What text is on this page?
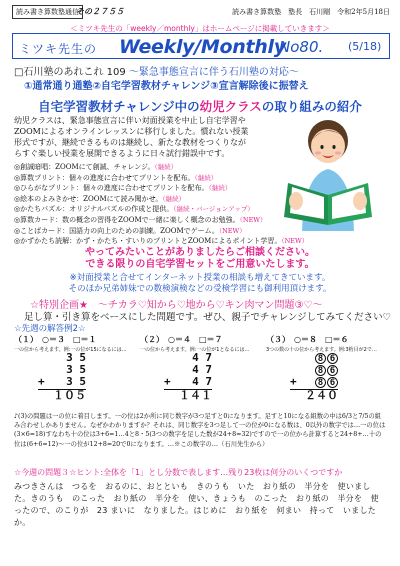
読み書き算数塾通信
その２７５５	読み書き算数塾　塾長　石川剛　令和2年5月18日
＜ミツキ先生の「weekly／monthly」はホームページに掲載していきます＞
ミツキ先生の Weekly/Monthly
No80. (5/18)
□石川塾のあれこれ 109 ～緊急事態宣言に伴う石川塾の対応～
①通常通り通塾②自宅学習教材チャレンジ③宣言解除後に振替え
自宅学習教材チャレンジ中の幼児クラスの取り組みの紹介
幼児クラスは、緊急事態宣言に伴い対面授業を中止し自宅学習やZOOMによるオンラインレッスンに移行しました。慣れない授業形式ですが、継続できるものは継続し、新たな教材をつくりながらすぐ楽しい授業を展開できるように日々試行錯誤中です。
◎創誠暗唱：ZOOMにて創誠、チャレンジ。（継続）
◎算数プリント：個々の進度に合わせてプリントを配布。（継続）
◎ひらがなプリント：個々の進度に合わせてプリントを配布。（継続）
◎絵本のよみきかせ：ZOOMにて読み聞かせ。（継続）
◎かたちパズル：オリジナルパズルの作成と提供。（継続・バージョンアップ）
◎算数カード：数の概念の習得をZOOMで一緒に楽しく概念のお勉強。（NEW）
◎ことばカード：国語力の向上のための訓練。ZOOMでゲーム。（NEW）
◎かずかたち読解：かず・かたち・すいりのプリントとZOOMによるポイント学習。（NEW）
やってみたいことがありましたらご相談ください。
できる限りの自宅学習セットをご用意いたします。
※対面授業と合せてインターネット授業の相談も増えてきています。
そのほか兄弟姉妹での数検演検などの受検学習にも御利用頂けます。
☆特別企画★　～チカラ♡知から♡地から♡キン肉マン問題③♡～
足し算・引き算をベースにした問題です。ぜひ、親子でチャレンジしてみてください♡
☆先週の解答例2☆
（１）　○＝３　□＝１
一の位から考えます。例:一の位が15になるには…
3 5
3 5
+ 3 5
１０５
（２）　○＝４　□＝７
一の位から考えます。例:一の位が1となるには…
4 7
4 7
+ 4 7
１４１
（３）　○＝８　□＝６
3つの数の十の位から考えます。例:3桁目が2で…
8 6
8 6
+ 8 6
２４０
♪(3)の問題は一の位に着目します。一の位は2か所に同じ数字が3つ足すと0になります。足すと10になる組数の中は6/3と7/5の組み合わせしかありません。なぜかわかりますか？それは、同じ数字を3つ足して一の位が0になる数は、0以外の数字では…一の位は(3×6=18)すなわち十の位は3+6=1…4と8・5(3つの数字を足した数が24+8=32)ですので一の位から計算すると24+8+…十の位は(6+6=12)～一の位が12+8=20で0になります。…※この数字の…（石川先生から）
☆今週の問題３☆ヒント:全体を「1」とし分数で表します…残り23枚は何分のいくつですか
みつきさんは　つるを　おるのに、おとといも　きのうも　いた　おり紙の　半分を　使いました。きのうも　のこった　おり紙の　半分を　使い、きょうも　のこった　おり紙の　半分を　使ったので、のこりが　23 まいに　なりました。はじめに　おり紙を　何まい　持って　いましたか。
